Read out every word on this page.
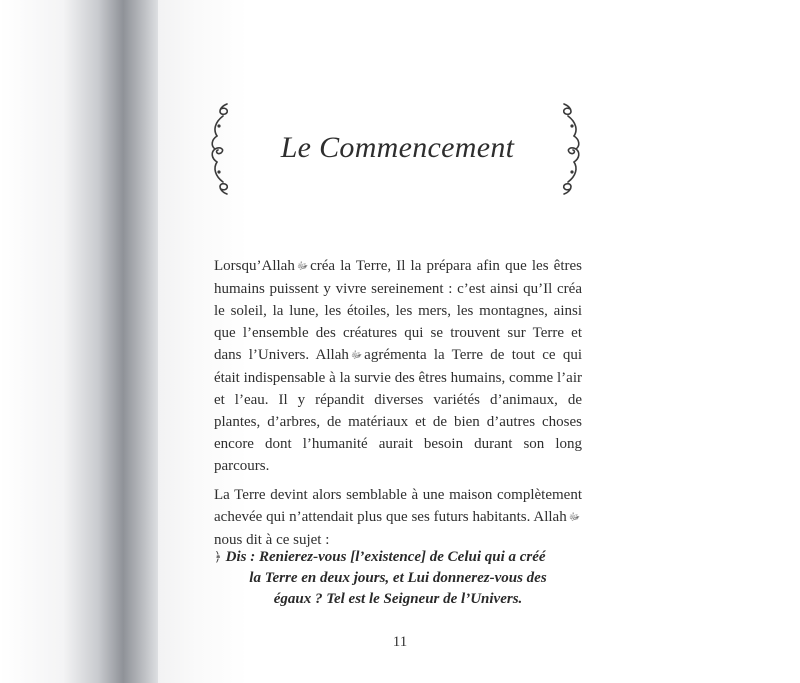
Le Commencement

Lorsqu’Allah ﷻ créa la Terre, Il la prépara afin que les êtres humains puissent y vivre sereinement : c’est ainsi qu’Il créa le soleil, la lune, les étoiles, les mers, les montagnes, ainsi que l’ensemble des créatures qui se trouvent sur Terre et dans l’Univers. Allah ﷻ agrémenta la Terre de tout ce qui était indispensable à la survie des êtres humains, comme l’air et l’eau. Il y répandit diverses variétés d’animaux, de plantes, d’arbres, de matériaux et de bien d’autres choses encore dont l’humanité aurait besoin durant son long parcours.

La Terre devint alors semblable à une maison complètement achevée qui n’attendait plus que ses futurs habitants. Allah ﷻnous dit à ce sujet :

﴿ Dis : Renierez-vous [l’existence] de Celui qui a créé
la Terre en deux jours, et Lui donnerez-vous des
égaux ? Tel est le Seigneur de l’Univers.
11
